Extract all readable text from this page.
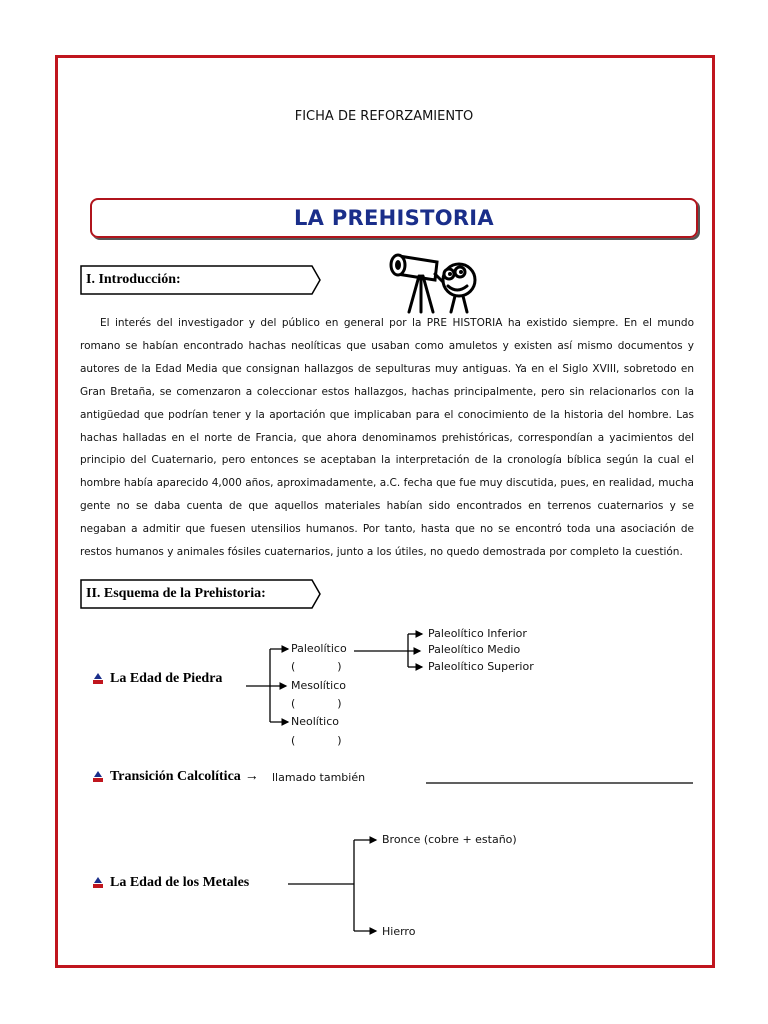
FICHA DE REFORZAMIENTO
LA PREHISTORIA
I. Introducción:
El interés del investigador y del público en general por la PRE HISTORIA ha existido siempre. En el mundo romano se habían encontrado hachas neolíticas que usaban como amuletos y existen así mismo documentos y autores de la Edad Media que consignan hallazgos de sepulturas muy antiguas. Ya en el Siglo XVIII, sobretodo en Gran Bretaña, se comenzaron a coleccionar estos hallazgos, hachas principalmente, pero sin relacionarlos con la antigüedad que podrían tener y la aportación que implicaban para el conocimiento de la historia del hombre. Las hachas halladas en el norte de Francia, que ahora denominamos prehistóricas, correspondían a yacimientos del principio del Cuaternario, pero entonces se aceptaban la interpretación de la cronología bíblica según la cual el hombre había aparecido 4,000 años, aproximadamente, a.C. fecha que fue muy discutida, pues, en realidad, mucha gente no se daba cuenta de que aquellos materiales habían sido encontrados en terrenos cuaternarios y se negaban a admitir que fuesen utensilios humanos. Por tanto, hasta que no se encontró toda una asociación de restos humanos y animales fósiles cuaternarios, junto a los útiles, no quedo demostrada por completo la cuestión.
II. Esquema de la Prehistoria:
La Edad de Piedra
Paleolítico
(            )
Mesolítico
(            )
Neolítico
(            )
Paleolítico Inferior
Paleolítico Medio
Paleolítico Superior
Transición Calcolítica → llamado también
La Edad de los Metales
Bronce (cobre + estaño)
Hierro
